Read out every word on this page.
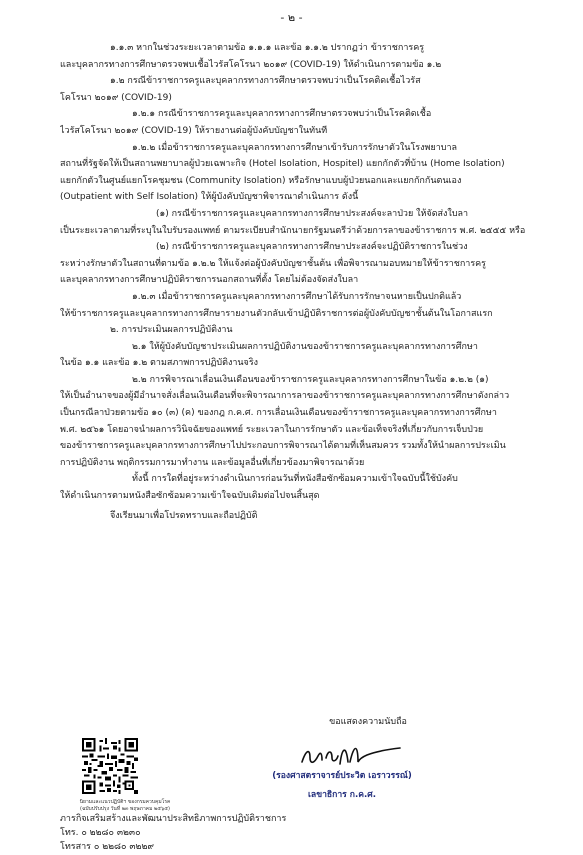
- ๒ -
๑.๑.๓ หากในช่วงระยะเวลาตามข้อ ๑.๑.๑ และข้อ ๑.๑.๒ ปรากฏว่า ข้าราชการครู
และบุคลากรทางการศึกษาตรวจพบเชื้อไวรัสโคโรนา ๒๐๑๙ (COVID-19) ให้ดำเนินการตามข้อ ๑.๒
๑.๒ กรณีข้าราชการครูและบุคลากรทางการศึกษาตรวจพบว่าเป็นโรคติดเชื้อไวรัส
โคโรนา ๒๐๑๙ (COVID-19)
๑.๒.๑ กรณีข้าราชการครูและบุคลากรทางการศึกษาตรวจพบว่าเป็นโรคติดเชื้อ
ไวรัสโคโรนา ๒๐๑๙ (COVID-19) ให้รายงานต่อผู้บังคับบัญชาในทันที
๑.๒.๒ เมื่อข้าราชการครูและบุคลากรทางการศึกษาเข้ารับการรักษาตัวในโรงพยาบาล
สถานที่รัฐจัดให้เป็นสถานพยาบาลผู้ป่วยเฉพาะกิจ (Hotel Isolation, Hospitel) แยกกักตัวที่บ้าน (Home Isolation)
แยกกักตัวในศูนย์แยกโรคชุมชน (Community Isolation) หรือรักษาแบบผู้ป่วยนอกและแยกกักกันตนเอง
(Outpatient with Self Isolation) ให้ผู้บังคับบัญชาพิจารณาดำเนินการ ดังนี้
(๑) กรณีข้าราชการครูและบุคลากรทางการศึกษาประสงค์จะลาป่วย ให้จัดส่งใบลา
เป็นระยะเวลาตามที่ระบุในใบรับรองแพทย์ ตามระเบียบสำนักนายกรัฐมนตรีว่าด้วยการลาของข้าราชการ พ.ศ. ๒๕๕๕ หรือ
(๒) กรณีข้าราชการครูและบุคลากรทางการศึกษาประสงค์จะปฏิบัติราชการในช่วง
ระหว่างรักษาตัวในสถานที่ตามข้อ ๑.๒.๒ ให้แจ้งต่อผู้บังคับบัญชาชั้นต้น เพื่อพิจารณามอบหมายให้ข้าราชการครู
และบุคลากรทางการศึกษาปฏิบัติราชการนอกสถานที่ตั้ง โดยไม่ต้องจัดส่งใบลา
๑.๒.๓ เมื่อข้าราชการครูและบุคลากรทางการศึกษาได้รับการรักษาจนหายเป็นปกติแล้ว
ให้ข้าราชการครูและบุคลากรทางการศึกษารายงานตัวกลับเข้าปฏิบัติราชการต่อผู้บังคับบัญชาชั้นต้นในโอกาสแรก
๒. การประเมินผลการปฏิบัติงาน
๒.๑ ให้ผู้บังคับบัญชาประเมินผลการปฏิบัติงานของข้าราชการครูและบุคลากรทางการศึกษา
ในข้อ ๑.๑ และข้อ ๑.๒ ตามสภาพการปฏิบัติงานจริง
๒.๒ การพิจารณาเลื่อนเงินเดือนของข้าราชการครูและบุคลากรทางการศึกษาในข้อ ๑.๒.๒ (๑)
ให้เป็นอำนาจของผู้มีอำนาจสั่งเลื่อนเงินเดือนที่จะพิจารณาการลาของข้าราชการครูและบุคลากรทางการศึกษาดังกล่าว
เป็นกรณีลาป่วยตามข้อ ๑๐ (๓) (ค) ของกฎ ก.ค.ศ. การเลื่อนเงินเดือนของข้าราชการครูและบุคลากรทางการศึกษา
พ.ศ. ๒๕๖๑ โดยอาจนำผลการวินิจฉัยของแพทย์ ระยะเวลาในการรักษาตัว และข้อเท็จจริงที่เกี่ยวกับการเจ็บป่วย
ของข้าราชการครูและบุคลากรทางการศึกษาไปประกอบการพิจารณาได้ตามที่เห็นสมควร รวมทั้งให้นำผลการประเมิน
การปฏิบัติงาน พฤติกรรมการมาทำงาน และข้อมูลอื่นที่เกี่ยวข้องมาพิจารณาด้วย
ทั้งนี้ การใดที่อยู่ระหว่างดำเนินการก่อนวันที่หนังสือซักซ้อมความเข้าใจฉบับนี้ใช้บังคับ
ให้ดำเนินการตามหนังสือซักซ้อมความเข้าใจฉบับเดิมต่อไปจนสิ้นสุด
จึงเรียนมาเพื่อโปรดทราบและถือปฏิบัติ
ขอแสดงความนับถือ
(รองศาสตราจารย์ประวิต เอราวรรณ์)
เลขาธิการ ก.ค.ศ.
นิยามและแนวปฏิบัติฯ ของกรมควบคุมโรค
(ฉบับปรับปรุง วันที่ ๒๓ พฤษภาคม ๒๕๖๕)
ภารกิจเสริมสร้างและพัฒนาประสิทธิภาพการปฏิบัติราชการ
โทร. ๐ ๒๒๘๐ ๓๒๓๐
โทรสาร ๐ ๒๒๘๐ ๓๒๒๙
